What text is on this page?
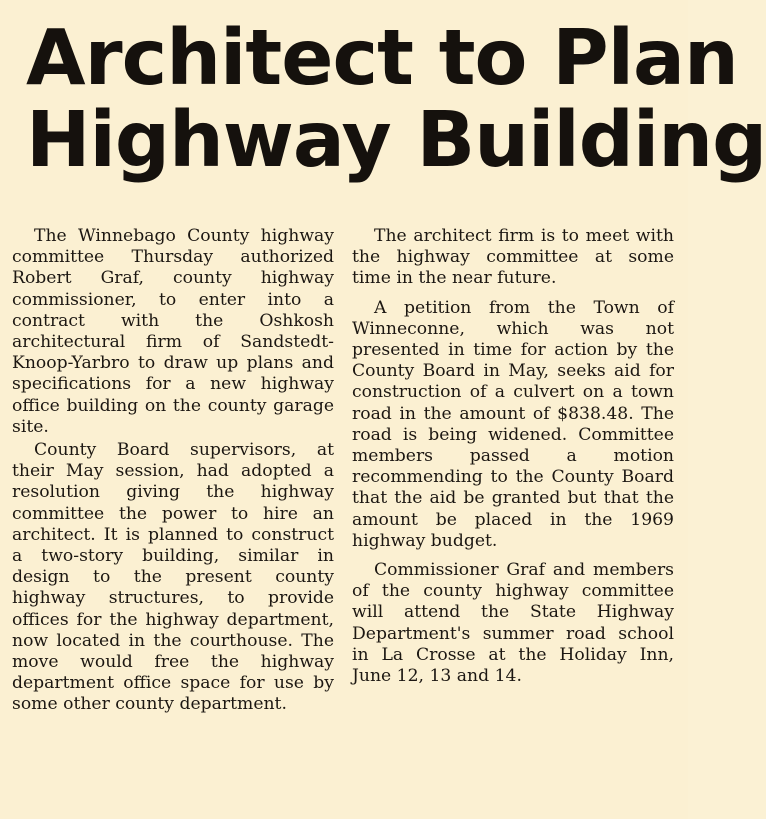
Architect to Plan
Highway Building

The Winnebago County highway committee Thursday authorized Robert Graf, county highway commissioner, to enter into a contract with the Oshkosh architectural firm of Sandstedt-Knoop-Yarbro to draw up plans and specifications for a new highway office building on the county garage site.

County Board supervisors, at their May session, had adopted a resolution giving the highway committee the power to hire an architect. It is planned to construct a two-story building, similar in design to the present county highway structures, to provide offices for the highway department, now located in the courthouse. The move would free the highway department office space for use by some other county department.

The architect firm is to meet with the highway committee at some time in the near future.

A petition from the Town of Winneconne, which was not presented in time for action by the County Board in May, seeks aid for construction of a culvert on a town road in the amount of $838.48. The road is being widened. Committee members passed a motion recommending to the County Board that the aid be granted but that the amount be placed in the 1969 highway budget.

Commissioner Graf and members of the county highway committee will attend the State Highway Department's summer road school in La Crosse at the Holiday Inn, June 12, 13 and 14.
